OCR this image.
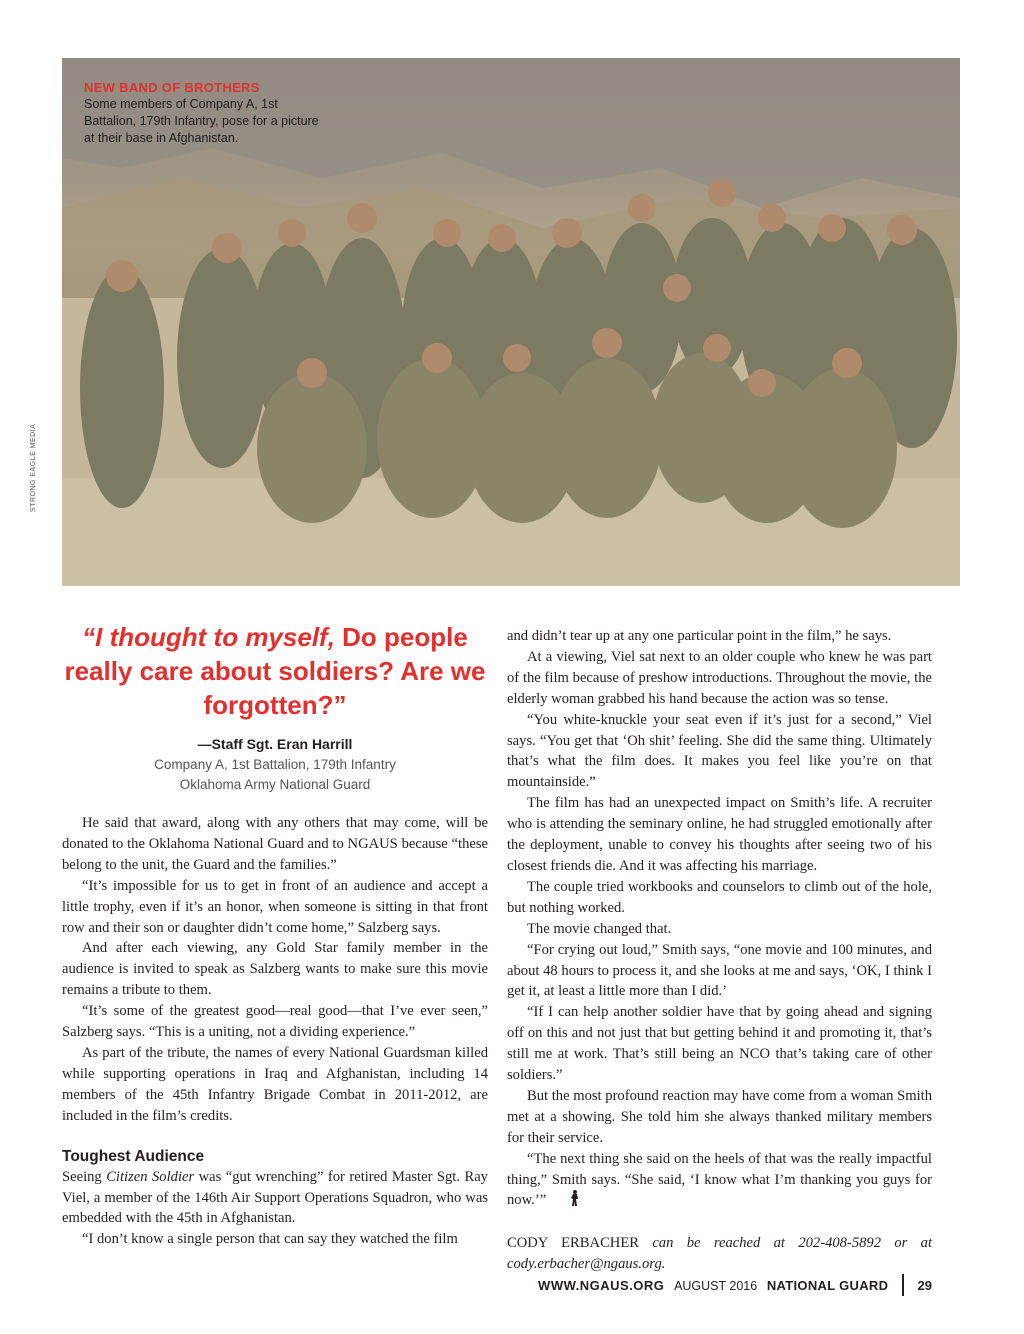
NEW BAND OF BROTHERS
Some members of Company A, 1st Battalion, 179th Infantry, pose for a picture at their base in Afghanistan.
STRONG EAGLE MEDIA
“I thought to myself, Do people really care about soldiers? Are we forgotten?”
—Staff Sgt. Eran Harrill
Company A, 1st Battalion, 179th Infantry
Oklahoma Army National Guard

He said that award, along with any others that may come, will be donated to the Oklahoma National Guard and to NGAUS because “these belong to the unit, the Guard and the families.”

“It’s impossible for us to get in front of an audience and accept a little trophy, even if it’s an honor, when someone is sitting in that front row and their son or daughter didn’t come home,” Salzberg says.

And after each viewing, any Gold Star family member in the audience is invited to speak as Salzberg wants to make sure this movie remains a tribute to them.

“It’s some of the greatest good—real good—that I’ve ever seen,” Salzberg says. “This is a uniting, not a dividing experience.”

As part of the tribute, the names of every National Guardsman killed while supporting operations in Iraq and Afghanistan, including 14 members of the 45th Infantry Brigade Combat in 2011-2012, are included in the film’s credits.

Toughest Audience

Seeing Citizen Soldier was “gut wrenching” for retired Master Sgt. Ray Viel, a member of the 146th Air Support Operations Squadron, who was embedded with the 45th in Afghanistan.

“I don’t know a single person that can say they watched the film

and didn’t tear up at any one particular point in the film,” he says.

At a viewing, Viel sat next to an older couple who knew he was part of the film because of preshow introductions. Throughout the movie, the elderly woman grabbed his hand because the action was so tense.

“You white-knuckle your seat even if it’s just for a second,” Viel says. “You get that ‘Oh shit’ feeling. She did the same thing. Ultimately that’s what the film does. It makes you feel like you’re on that mountainside.”

The film has had an unexpected impact on Smith’s life. A recruiter who is attending the seminary online, he had struggled emotionally after the deployment, unable to convey his thoughts after seeing two of his closest friends die. And it was affecting his marriage.

The couple tried workbooks and counselors to climb out of the hole, but nothing worked.

The movie changed that.

“For crying out loud,” Smith says, “one movie and 100 minutes, and about 48 hours to process it, and she looks at me and says, ‘OK, I think I get it, at least a little more than I did.’

“If I can help another soldier have that by going ahead and signing off on this and not just that but getting behind it and promoting it, that’s still me at work. That’s still being an NCO that’s taking care of other soldiers.”

But the most profound reaction may have come from a woman Smith met at a showing. She told him she always thanked military members for their service.

“The next thing she said on the heels of that was the really impactful thing,” Smith says. “She said, ‘I know what I’m thanking you guys for now.’”

CODY ERBACHER can be reached at 202-408-5892 or at cody.erbacher@ngaus.org.

WWW.NGAUS.ORG AUGUST 2016 NATIONAL GUARD 29
